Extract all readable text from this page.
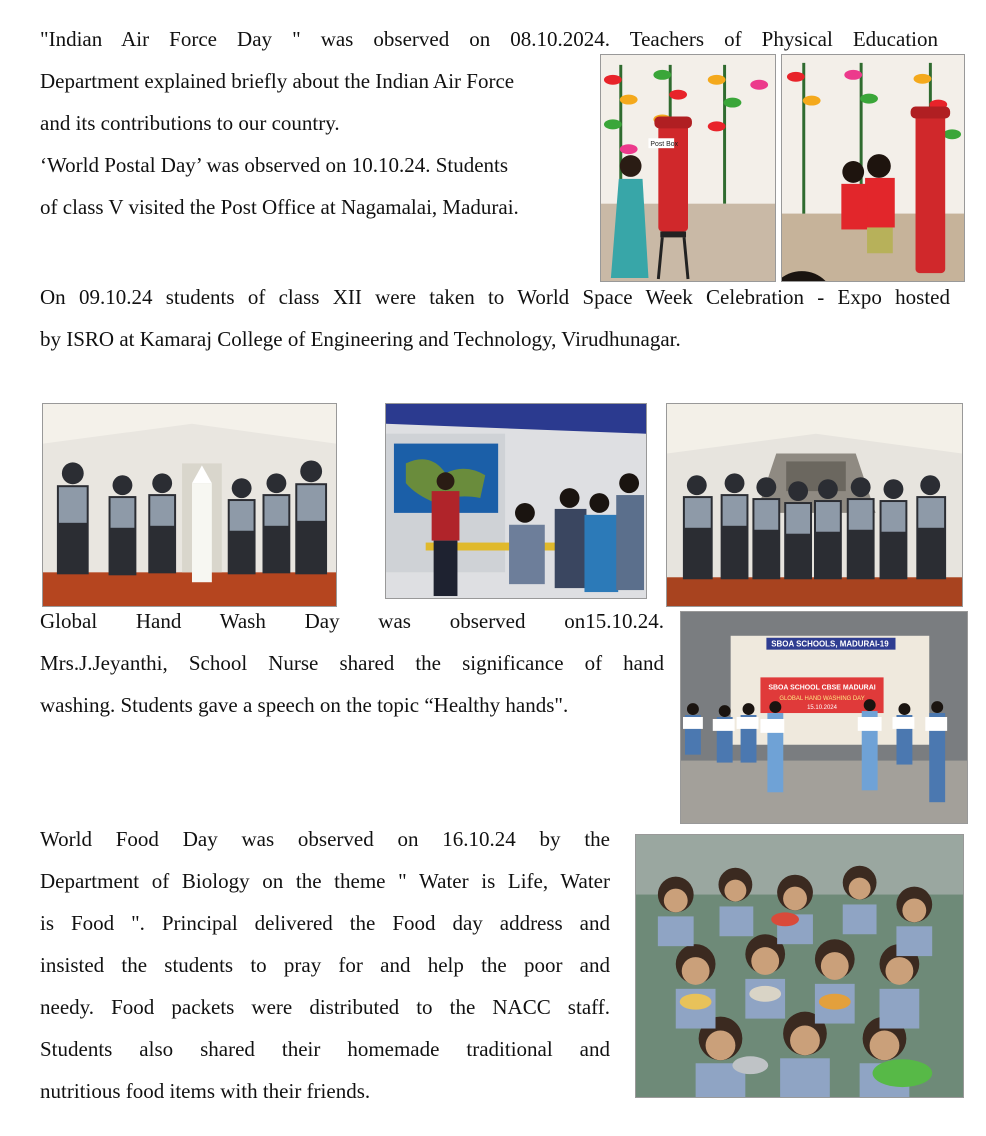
"Indian Air Force Day " was observed on 08.10.2024. Teachers of Physical Education
Department explained briefly about the Indian Air Force
and its contributions to our country.
‘World Postal Day’ was observed on 10.10.24. Students
of class V visited the Post Office at Nagamalai, Madurai.
Post Box
On 09.10.24 students of class XII were taken to World Space Week Celebration - Expo hosted
by ISRO at Kamaraj College of Engineering and Technology, Virudhunagar.
Global Hand Wash Day was observed on15.10.24.
Mrs.J.Jeyanthi, School Nurse shared the significance of hand
washing. Students gave a speech on the topic “Healthy hands".
SBOA SCHOOLS, MADURAI-19
SBOA SCHOOL CBSE MADURAI
GLOBAL HAND WASHING DAY
15.10.2024
World Food Day was observed on 16.10.24 by the
Department of Biology on the theme " Water is Life, Water
is Food ". Principal delivered the Food day address and
insisted the students to pray for and help the poor and
needy. Food packets were distributed to the NACC staff.
Students also shared their homemade traditional and
nutritious food items with their friends.
